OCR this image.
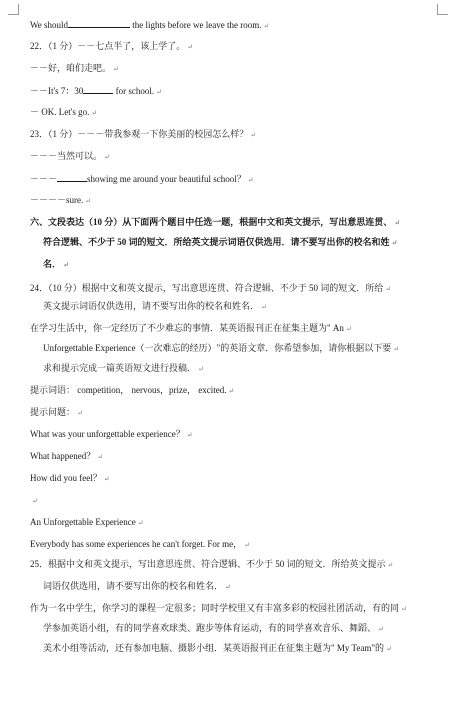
We should	the lights before we leave the room. ↵
22．（1 分）－－七点半了，该上学了。 ↵
－－好，咱们走吧。 ↵
－－It's 7：30	for school. ↵
－ OK. Let's go. ↵
23．（1 分）－－－带我参观一下你美丽的校园怎么样？ ↵
－－－当然可以。 ↵
－－－	showing me around your beautiful school？ ↵
－－－－sure. ↵
六、文段表达（10 分）从下面两个题目中任选一题，根据中文和英文提示，写出意思连贯、 ↵
符合逻辑、不少于 50 词的短文．所给英文提示词语仅供选用．请不要写出你的校名和姓 ↵
名． ↵
24．（10 分）根据中文和英文提示，写出意思连贯、符合逻辑、不少于 50 词的短文．所给 ↵
英文提示词语仅供选用，请不要写出你的校名和姓名． ↵
在学习生活中，你一定经历了不少难忘的事情．某英语报刊正在征集主题为" An ↵
Unforgettable Experience（一次难忘的经历）"的英语文章．你希望参加，请你根据以下要 ↵
求和提示完成一篇英语短文进行投稿． ↵
提示词语： competition， nervous，prize， excited. ↵
提示问题： ↵
What was your unforgettable experience？ ↵
What happened？ ↵
How did you feel？ ↵
↵
An Unforgettable Experience ↵
Everybody has some experiences he can't forget. For me， ↵
25．根据中文和英文提示，写出意思连贯、符合逻辑、不少于 50 词的短文．所给英文提示 ↵
词语仅供选用，请不要写出你的校名和姓名． ↵
作为一名中学生，你学习的课程一定很多；同时学校里又有丰富多彩的校园社团活动，有的同 ↵
学参加英语小组，有的同学喜欢球类、跑步等体育运动，有的同学喜欢音乐、舞蹈、 ↵
美术小组等活动，还有参加电脑、摄影小组．某英语报刊正在征集主题为" My Team"的 ↵
